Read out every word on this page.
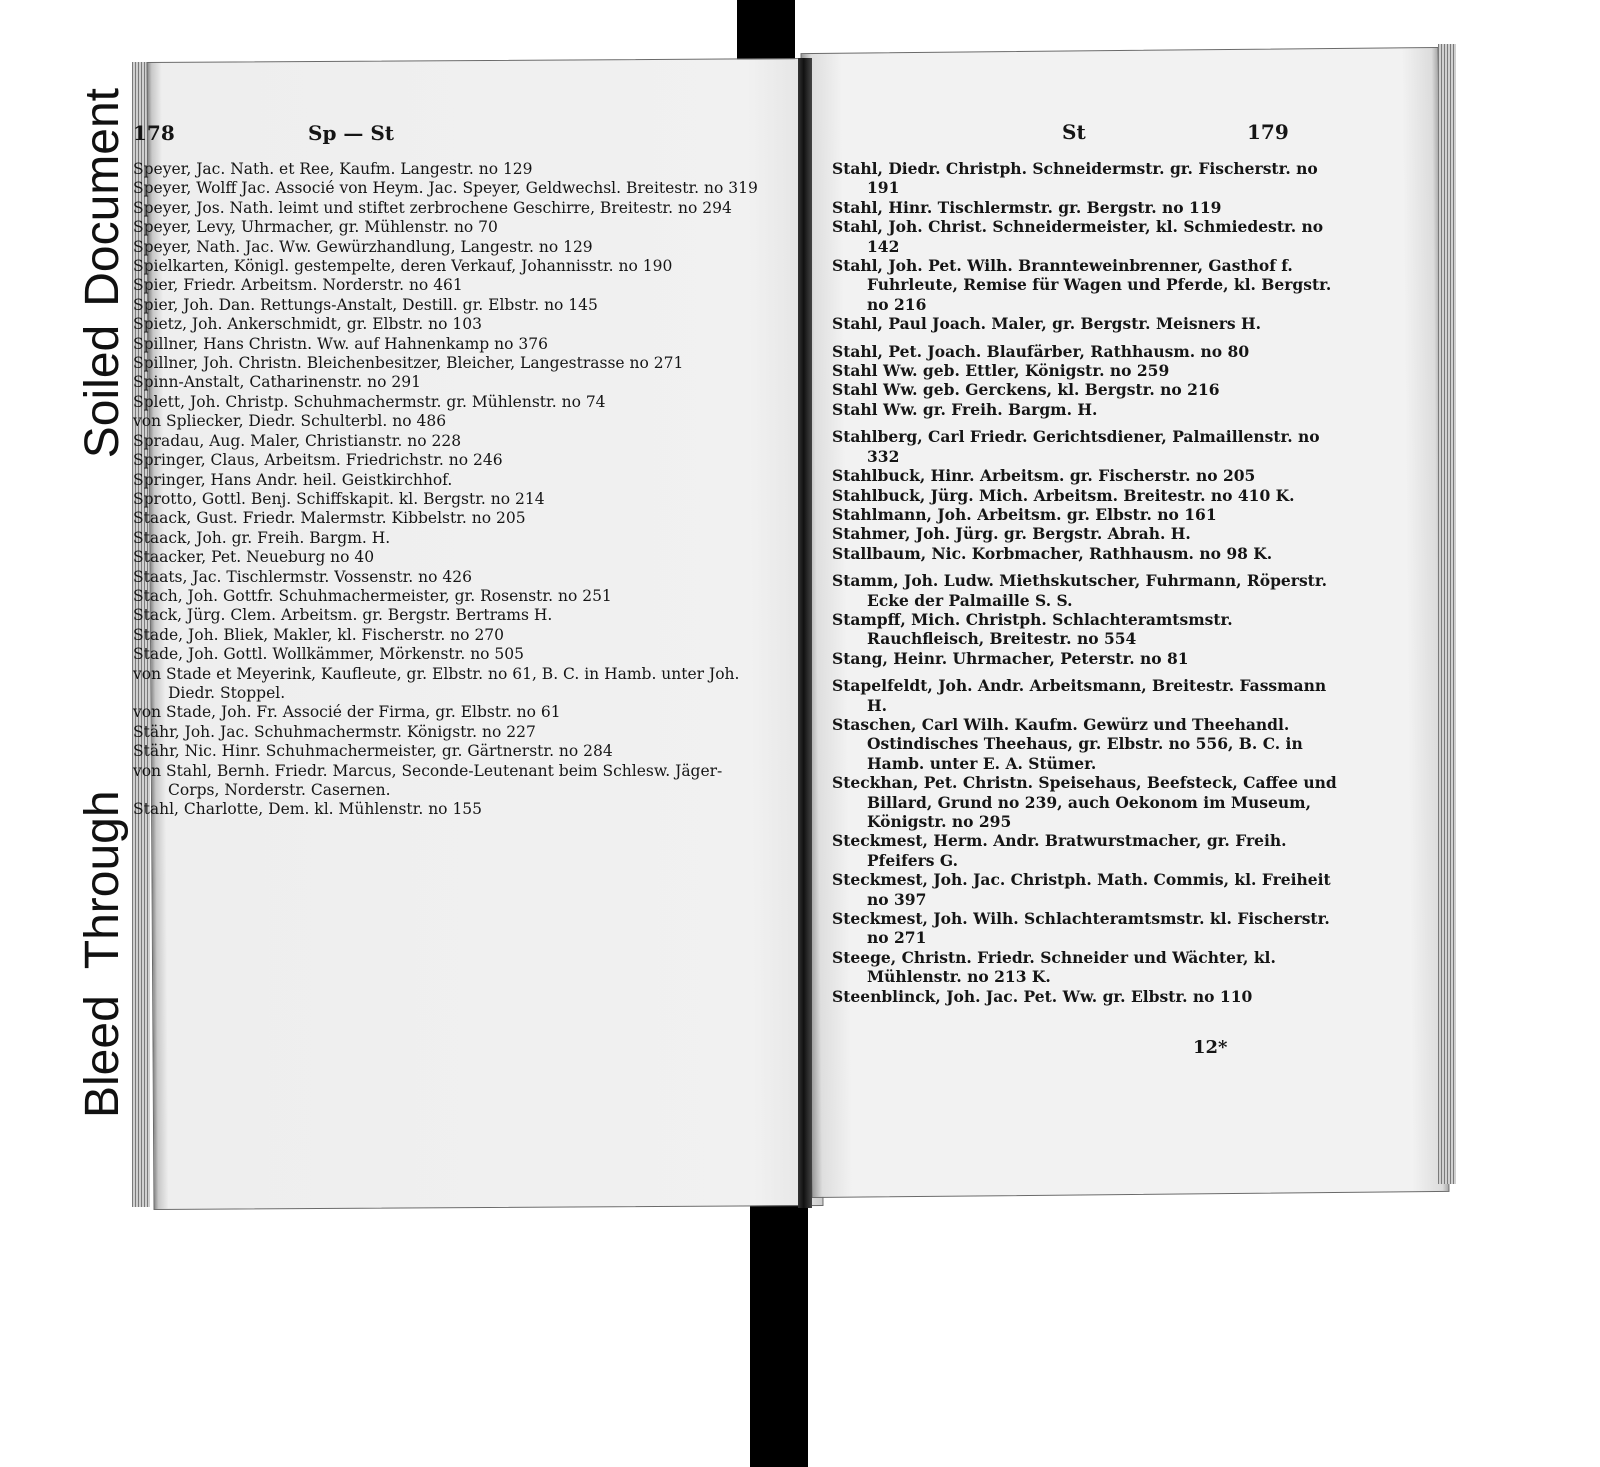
BleedThrough
SoiledDocument 178	Sp — St

Speyer, Jac. Nath. et Ree, Kaufm. Langestr. no 129

Speyer, Wolff Jac. Associé von Heym. Jac. Speyer, Geldwechsl. Breitestr. no 319

Speyer, Jos. Nath. leimt und stiftet zerbrochene Geschirre, Breitestr. no 294

Speyer, Levy, Uhrmacher, gr. Mühlenstr. no 70

Speyer, Nath. Jac. Ww. Gewürzhandlung, Langestr. no 129

Spielkarten, Königl. gestempelte, deren Verkauf, Johannisstr. no 190

Spier, Friedr. Arbeitsm. Norderstr. no 461

Spier, Joh. Dan. Rettungs-Anstalt, Destill. gr. Elbstr. no 145

Spietz, Joh. Ankerschmidt, gr. Elbstr. no 103

Spillner, Hans Christn. Ww. auf Hahnenkamp no 376

Spillner, Joh. Christn. Bleichenbesitzer, Bleicher, Langestrasse no 271

Spinn-Anstalt, Catharinenstr. no 291

Splett, Joh. Christp. Schuhmachermstr. gr. Mühlenstr. no 74

von Spliecker, Diedr. Schulterbl. no 486

Spradau, Aug. Maler, Christianstr. no 228

Springer, Claus, Arbeitsm. Friedrichstr. no 246

Springer, Hans Andr. heil. Geistkirchhof.

Sprotto, Gottl. Benj. Schiffskapit. kl. Bergstr. no 214

Staack, Gust. Friedr. Malermstr. Kibbelstr. no 205

Staack, Joh. gr. Freih. Bargm. H.

Staacker, Pet. Neueburg no 40

Staats, Jac. Tischlermstr. Vossenstr. no 426

Stach, Joh. Gottfr. Schuhmachermeister, gr. Rosenstr. no 251

Stack, Jürg. Clem. Arbeitsm. gr. Bergstr. Bertrams H.

Stade, Joh. Bliek, Makler, kl. Fischerstr. no 270

Stade, Joh. Gottl. Wollkämmer, Mörkenstr. no 505

von Stade et Meyerink, Kaufleute, gr. Elbstr. no 61, B. C. in Hamb. unter Joh. Diedr. Stoppel.

von Stade, Joh. Fr. Associé der Firma, gr. Elbstr. no 61

Stähr, Joh. Jac. Schuhmachermstr. Königstr. no 227

Stähr, Nic. Hinr. Schuhmachermeister, gr. Gärtnerstr. no 284

von Stahl, Bernh. Friedr. Marcus, Seconde-Leutenant beim Schlesw. Jäger-Corps, Norderstr. Casernen.

Stahl, Charlotte, Dem. kl. Mühlenstr. no 155

St	179

Stahl, Diedr. Christph. Schneidermstr. gr. Fischerstr. no 191

Stahl, Hinr. Tischlermstr. gr. Bergstr. no 119

Stahl, Joh. Christ. Schneidermeister, kl. Schmiedestr. no 142

Stahl, Joh. Pet. Wilh. Brannteweinbrenner, Gasthof f. Fuhrleute, Remise für Wagen und Pferde, kl. Bergstr. no 216

Stahl, Paul Joach. Maler, gr. Bergstr. Meisners H.

Stahl, Pet. Joach. Blaufärber, Rathhausm. no 80

Stahl Ww. geb. Ettler, Königstr. no 259

Stahl Ww. geb. Gerckens, kl. Bergstr. no 216

Stahl Ww. gr. Freih. Bargm. H.

Stahlberg, Carl Friedr. Gerichtsdiener, Palmaillenstr. no 332

Stahlbuck, Hinr. Arbeitsm. gr. Fischerstr. no 205

Stahlbuck, Jürg. Mich. Arbeitsm. Breitestr. no 410 K.

Stahlmann, Joh. Arbeitsm. gr. Elbstr. no 161

Stahmer, Joh. Jürg. gr. Bergstr. Abrah. H.

Stallbaum, Nic. Korbmacher, Rathhausm. no 98 K.

Stamm, Joh. Ludw. Miethskutscher, Fuhrmann, Röperstr. Ecke der Palmaille S. S.

Stampff, Mich. Christph. Schlachteramtsmstr. Rauchfleisch, Breitestr. no 554

Stang, Heinr. Uhrmacher, Peterstr. no 81

Stapelfeldt, Joh. Andr. Arbeitsmann, Breitestr. Fassmann H.

Staschen, Carl Wilh. Kaufm. Gewürz und Theehandl. Ostindisches Theehaus, gr. Elbstr. no 556, B. C. in Hamb. unter E. A. Stümer.

Steckhan, Pet. Christn. Speisehaus, Beefsteck, Caffee und Billard, Grund no 239, auch Oekonom im Museum, Königstr. no 295

Steckmest, Herm. Andr. Bratwurstmacher, gr. Freih. Pfeifers G.

Steckmest, Joh. Jac. Christph. Math. Commis, kl. Freiheit no 397

Steckmest, Joh. Wilh. Schlachteramtsmstr. kl. Fischerstr. no 271

Steege, Christn. Friedr. Schneider und Wächter, kl. Mühlenstr. no 213 K.

Steenblinck, Joh. Jac. Pet. Ww. gr. Elbstr. no 110

12*
